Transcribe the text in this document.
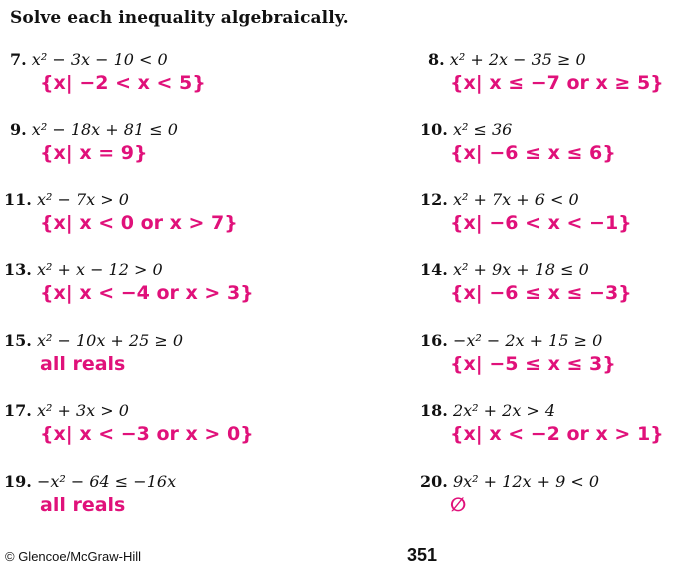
Solve each inequality algebraically.
7. x² − 3x − 10 < 0
{x| −2 < x < 5}
9. x² − 18x + 81 ≤ 0
{x| x = 9}
11. x² − 7x > 0
{x| x < 0 or x > 7}
13. x² + x − 12 > 0
{x| x < −4 or x > 3}
15. x² − 10x + 25 ≥ 0
all reals
17. x² + 3x > 0
{x| x < −3 or x > 0}
19. −x² − 64 ≤ −16x
all reals
8. x² + 2x − 35 ≥ 0
{x| x ≤ −7 or x ≥ 5}
10. x² ≤ 36
{x| −6 ≤ x ≤ 6}
12. x² + 7x + 6 < 0
{x| −6 < x < −1}
14. x² + 9x + 18 ≤ 0
{x| −6 ≤ x ≤ −3}
16. −x² − 2x + 15 ≥ 0
{x| −5 ≤ x ≤ 3}
18. 2x² + 2x > 4
{x| x < −2 or x > 1}
20. 9x² + 12x + 9 < 0
∅
© Glencoe/McGraw-Hill	351
